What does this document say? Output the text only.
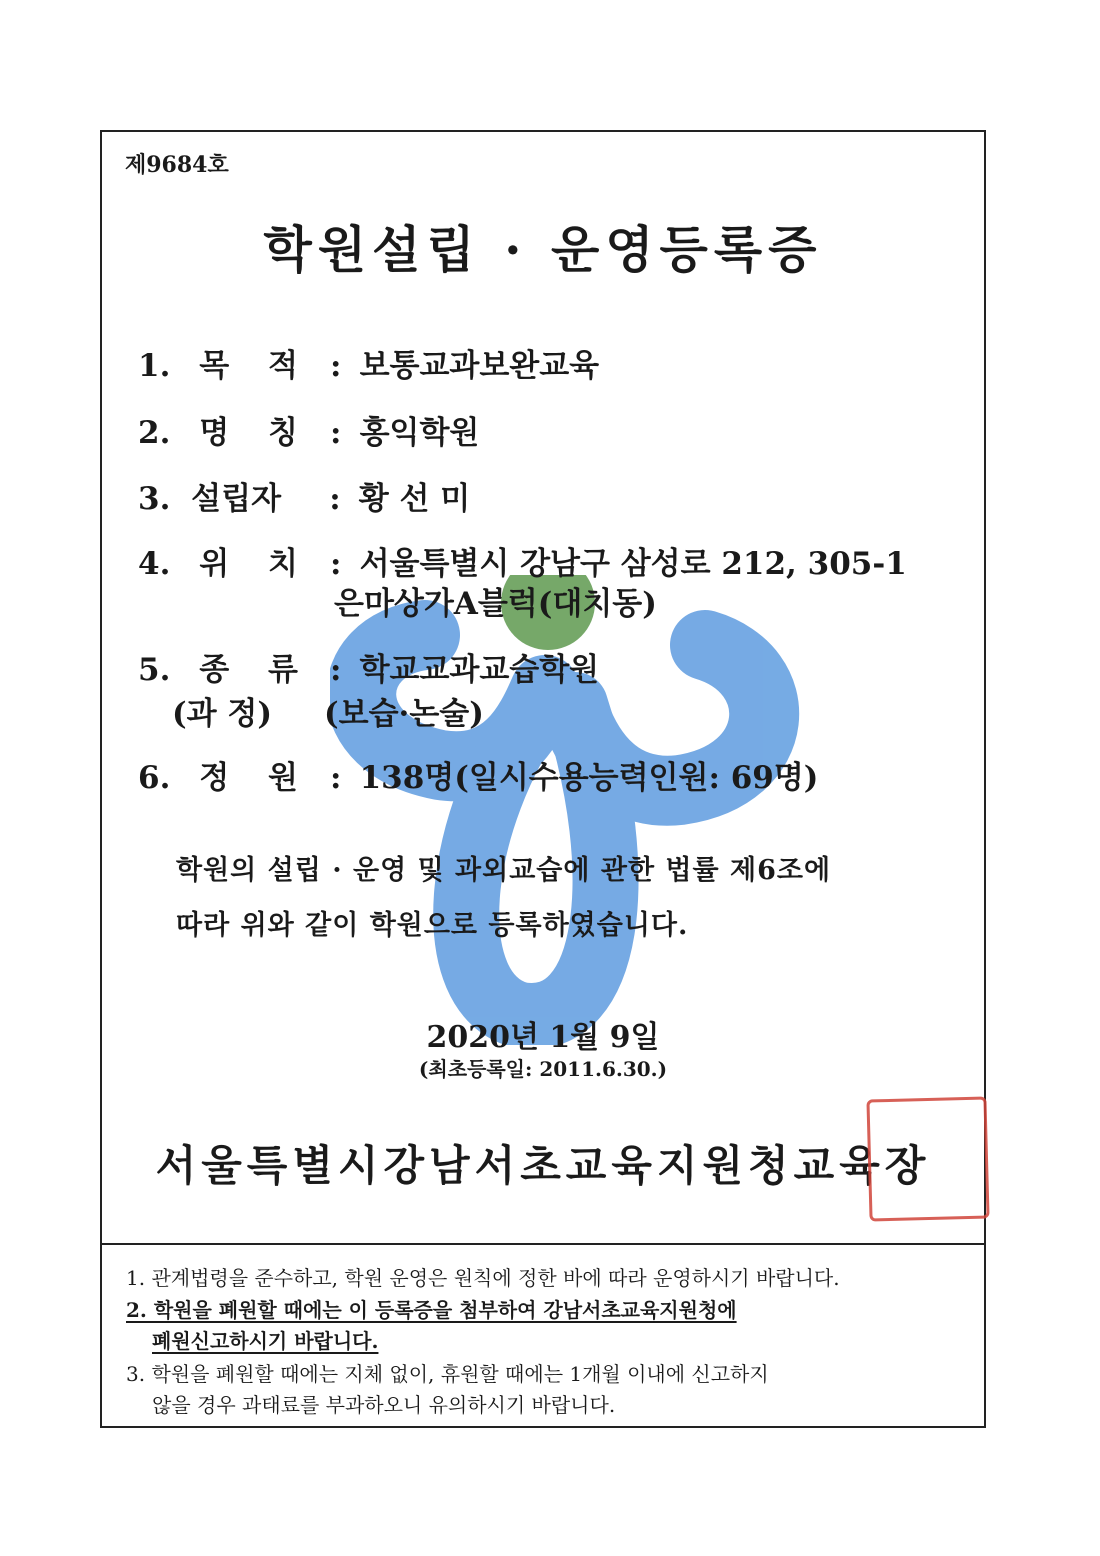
제9684호
학원설립 · 운영등록증
1. 목 적 : 보통교과보완교육
2. 명 칭 : 홍익학원
3. 설립자 : 황 선 미
4. 위 치 : 서울특별시 강남구 삼성로 212, 305-1
은마상가A블럭(대치동)
5. 종 류 : 학교교과교습학원
(과 정) (보습·논술)
6. 정 원 : 138명(일시수용능력인원: 69명)
학원의 설립 · 운영 및 과외교습에 관한 법률 제6조에
따라 위와 같이 학원으로 등록하였습니다.
2020년 1월 9일
(최초등록일: 2011.6.30.)
서울특별시강남서초교육지원청교육장
1. 관계법령을 준수하고, 학원 운영은 원칙에 정한 바에 따라 운영하시기 바랍니다.
2. 학원을 폐원할 때에는 이 등록증을 첨부하여 강남서초교육지원청에
폐원신고하시기 바랍니다.
3. 학원을 폐원할 때에는 지체 없이, 휴원할 때에는 1개월 이내에 신고하지
않을 경우 과태료를 부과하오니 유의하시기 바랍니다.
